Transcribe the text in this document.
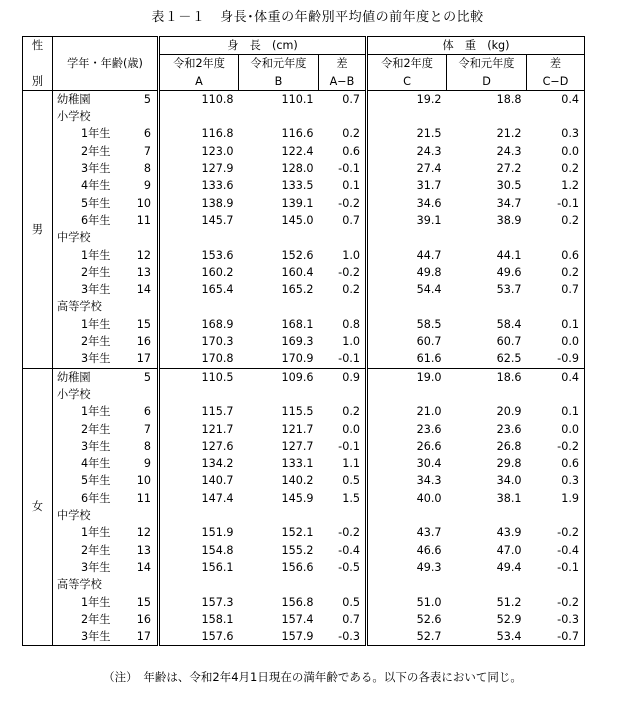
表１－１ 身長･体重の年齢別平均値の前年度との比較
性		身　長　(cm)			体　重　(kg)		
	学年・年齢(歳)	令和2年度	令和元年度	差	令和2年度	令和元年度	差
別		A	B	A−B	C	D	C−D
男	幼稚園 5	110.8	110.1	0.7	19.2	18.8	0.4
	小学校						
	1年生 6	116.8	116.6	0.2	21.5	21.2	0.3
	2年生 7	123.0	122.4	0.6	24.3	24.3	0.0
	3年生 8	127.9	128.0	-0.1	27.4	27.2	0.2
	4年生 9	133.6	133.5	0.1	31.7	30.5	1.2
	5年生 10	138.9	139.1	-0.2	34.6	34.7	-0.1
	6年生 11	145.7	145.0	0.7	39.1	38.9	0.2
	中学校						
	1年生 12	153.6	152.6	1.0	44.7	44.1	0.6
	2年生 13	160.2	160.4	-0.2	49.8	49.6	0.2
	3年生 14	165.4	165.2	0.2	54.4	53.7	0.7
	高等学校						
	1年生 15	168.9	168.1	0.8	58.5	58.4	0.1
	2年生 16	170.3	169.3	1.0	60.7	60.7	0.0
	3年生 17	170.8	170.9	-0.1	61.6	62.5	-0.9
女	幼稚園 5	110.5	109.6	0.9	19.0	18.6	0.4
	小学校						
	1年生 6	115.7	115.5	0.2	21.0	20.9	0.1
	2年生 7	121.7	121.7	0.0	23.6	23.6	0.0
	3年生 8	127.6	127.7	-0.1	26.6	26.8	-0.2
	4年生 9	134.2	133.1	1.1	30.4	29.8	0.6
	5年生 10	140.7	140.2	0.5	34.3	34.0	0.3
	6年生 11	147.4	145.9	1.5	40.0	38.1	1.9
	中学校						
	1年生 12	151.9	152.1	-0.2	43.7	43.9	-0.2
	2年生 13	154.8	155.2	-0.4	46.6	47.0	-0.4
	3年生 14	156.1	156.6	-0.5	49.3	49.4	-0.1
	高等学校						
	1年生 15	157.3	156.8	0.5	51.0	51.2	-0.2
	2年生 16	158.1	157.4	0.7	52.6	52.9	-0.3
	3年生 17	157.6	157.9	-0.3	52.7	53.4	-0.7
（注）　年齢は、令和2年4月1日現在の満年齢である。以下の各表において同じ。
